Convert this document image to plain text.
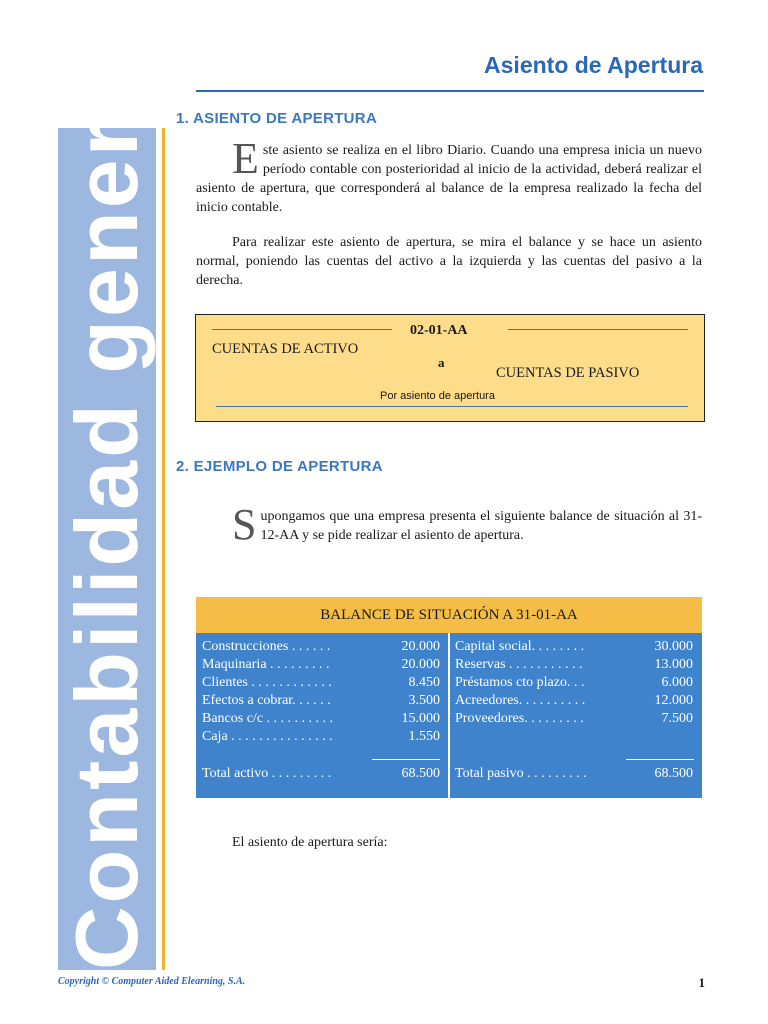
Contabilidad general	Asiento de Apertura
1. ASIENTO DE APERTURA

Este asiento se realiza en el libro Diario. Cuando una empresa inicia un nuevo período contable con posterioridad al inicio de la actividad, deberá realizar el asiento de apertura, que corresponderá al balance de la empresa realizado la fecha del inicio contable.

Para realizar este asiento de apertura, se mira el balance y se hace un asiento normal, poniendo las cuentas del activo a la izquierda y las cuentas del pasivo a la derecha.

02-01-AA
CUENTAS DE ACTIVO
a
CUENTAS DE PASIVO
Por asiento de apertura
2. EJEMPLO DE APERTURA

Supongamos que una empresa presenta el siguiente balance de situación al 31-12-AA y se pide realizar el asiento de apertura.

BALANCE DE SITUACIÓN A 31-01-AA
Construcciones . . . . . .	20.000
Maquinaria . . . . . . . . .	20.000
Clientes . . . . . . . . . . . .	8.450
Efectos a cobrar. . . . . .	3.500
Bancos c/c . . . . . . . . . .	15.000
Caja . . . . . . . . . . . . . . .	1.550
Capital social. . . . . . . .	30.000
Reservas . . . . . . . . . . .	13.000
Préstamos cto plazo. . .	6.000
Acreedores. . . . . . . . . .	12.000
Proveedores. . . . . . . . .	7.500
Total activo . . . . . . . . .	68.500 Total pasivo . . . . . . . . .	68.500
El asiento de apertura sería:
Copyright © Computer Aided Elearning, S.A.	1
